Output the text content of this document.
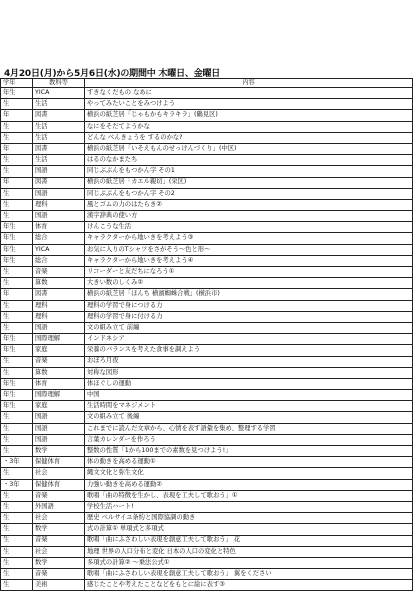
4月20日(月)から5月6日(水)の期間中 木曜日、金曜日
学年	教科等	内容
年生	YICA	すきなくだもの なあに
生	生活	やってみたいことをみつけよう
年	図書	横浜の紙芝居「じゃもかもキラキラ」(鶴見区)
生	生活	なにをそだてようかな
生	生活	どんな べんきょうを するのかな?
年	図書	横浜の紙芝居「いそえもんのせっけんづくり」(中区)
生	生活	はるのなかまたち
生	国語	同じぶぶんをもつかん字 その1
年	図書	横浜の紙芝居「カエル親切」(栄区)
生	国語	同じぶぶんをもつかん字 その2
生	理科	風とゴムの力のはたらき②
生	国語	漢字辞典の使い方
年生	体育	けんこうな生活
年生	総合	キャラクターから地いきを考えよう③
年生	YICA	お気に入りのTシャツをさがそう～色と形～
年生	総合	キャラクターから地いきを考えよう④
生	音楽	リコーダーと友だちになろう①
生	算数	大きい数のしくみ②
年	図書	横浜の紙芝居「ほんち 横濱蜘蛛合戦」(横浜市)
生	理科	理科の学習で身につける力
生	理科	理科の学習で身に付ける力
生	国語	文の組み立て 前編
年生	国際理解	インドネシア
年生	家庭	栄養のバランスを考えた食事を調えよう
生	音楽	おぼろ月夜
生	算数	対称な図形
年生	体育	体ほぐしの運動
年生	国際理解	中国
年生	家庭	生活時間をマネジメント
生	国語	文の組み立て 後編
生	国語	これまでに読んだ文章から、心情を表す語彙を集め、整理する学習
生	国語	言葉カレンダーを作ろう
生	数学	整数の性質「1から100までの素数を見つけよう!」
・3年	保健体育	体の動きを高める運動①
生	社会	縄文文化と弥生文化
・3年	保健体育	力強い動きを高める運動②
生	音楽	歌唱「曲の特徴を生かし、表現を工夫して歌おう」①
生	外国語	学校生活ハート!
生	社会	歴史 ベルサイユ条約と国際協調の動き
生	数学	式の計算① 単項式と多項式
生	音楽	歌唱「曲にふさわしい表現を創意工夫して歌おう」 花
生	社会	地理 世界の人口分布と変化 日本の人口の変化と特色
生	数学	多項式の計算② ～乗法公式①
生	音楽	歌唱「曲にふさわしい表現を創意工夫して歌おう」 翼をください
生	美術	感じたことや考えたことなどをもとに絵に表す③
